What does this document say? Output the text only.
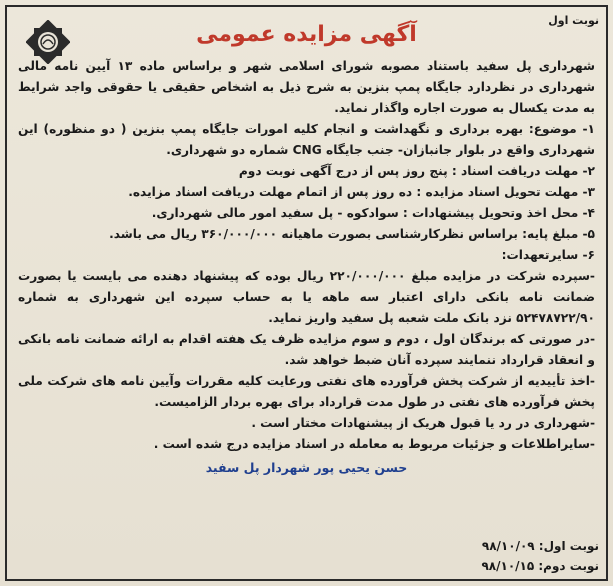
نوبت اول
آگهی مزایده عمومی

شهرداری پل سفید باستناد مصوبه شورای اسلامی شهر و براساس ماده ۱۳ آیین نامه مالی شهرداری در نظردارد جایگاه پمپ بنزین به شرح ذیل به اشخاص حقیقی یا حقوقی واجد شرایط به مدت یکسال به صورت اجاره واگذار نماید.

۱- موضوع: بهره برداری و نگهداشت و انجام کلیه امورات جایگاه پمپ بنزین ( دو منظوره) این شهرداری واقع در بلوار جانبازان- جنب جایگاه CNG شماره دو شهرداری.

۲- مهلت دریافت اسناد : پنج روز پس از درج آگهی نوبت دوم

۳- مهلت تحویل اسناد مزایده : ده روز پس از اتمام مهلت دریافت اسناد مزایده.

۴- محل اخذ وتحویل پیشنهادات : سوادکوه - پل سفید امور مالی شهرداری.

۵- مبلغ پایه: براساس نظرکارشناسی بصورت ماهیانه ۳۶۰/۰۰۰/۰۰۰ ریال می باشد.

۶- سایرتعهدات:

-سپرده شرکت در مزایده مبلغ ۲۲۰/۰۰۰/۰۰۰ ریال بوده که پیشنهاد دهنده می بایست یا بصورت ضمانت نامه بانکی دارای اعتبار سه ماهه یا به حساب سپرده این شهرداری به شماره ۵۲۴۷۸۷۲۲/۹۰ نزد بانک ملت شعبه پل سفید واریز نماید.

-در صورتی که برندگان اول ، دوم و سوم مزایده ظرف یک هفته اقدام به ارائه ضمانت نامه بانکی و انعقاد قرارداد ننمایند سپرده آنان ضبط خواهد شد.

-اخذ تأییدیه از شرکت پخش فرآورده های نفتی ورعایت کلیه مقررات وآیین نامه های شرکت ملی پخش فرآورده های نفتی در طول مدت قرارداد برای بهره بردار الزامیست.

-شهرداری در رد یا قبول هریک از پیشنهادات مختار است .

-سایراطلاعات و جزئیات مربوط به معامله در اسناد مزایده درج شده است .

حسن یحیی پور شهردار پل سفید
نوبت اول: ۹۸/۱۰/۰۹
نوبت دوم: ۹۸/۱۰/۱۵
